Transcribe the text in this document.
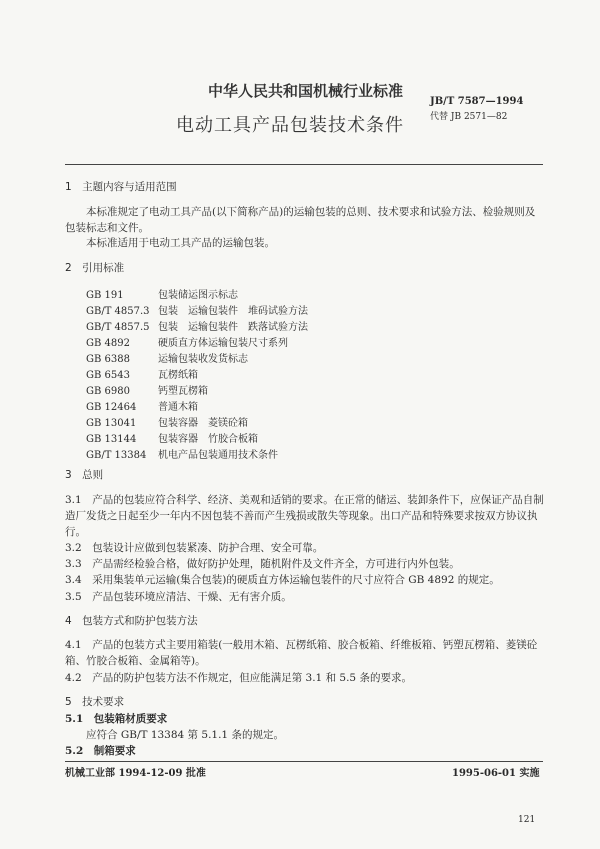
中华人民共和国机械行业标准
JB/T 7587—1994
代替 JB 2571—82
电动工具产品包装技术条件
1　主题内容与适用范围
本标准规定了电动工具产品(以下简称产品)的运输包装的总则、技术要求和试验方法、检验规则及
包装标志和文件。
本标准适用于电动工具产品的运输包装。
2　引用标准
GB 191	包装储运图示标志
GB/T 4857.3 包装　运输包装件　堆码试验方法
GB/T 4857.5 包装　运输包装件　跌落试验方法
GB 4892	硬质直方体运输包装尺寸系列
GB 6388	运输包装收发货标志
GB 6543	瓦楞纸箱
GB 6980	钙塑瓦楞箱
GB 12464 普通木箱
GB 13041 包装容器　菱镁砼箱
GB 13144 包装容器　竹胶合板箱
GB/T 13384 机电产品包装通用技术条件
3　总则
3.1　产品的包装应符合科学、经济、美观和适销的要求。在正常的储运、装卸条件下，应保证产品自制
造厂发货之日起至少一年内不因包装不善而产生残损或散失等现象。出口产品和特殊要求按双方协议执
行。
3.2　包装设计应做到包装紧凑、防护合理、安全可靠。
3.3　产品需经检验合格，做好防护处理，随机附件及文件齐全，方可进行内外包装。
3.4　采用集装单元运输(集合包装)的硬质直方体运输包装件的尺寸应符合 GB 4892 的规定。
3.5　产品包装环境应清洁、干燥、无有害介质。
4　包装方式和防护包装方法
4.1　产品的包装方式主要用箱装(一般用木箱、瓦楞纸箱、胶合板箱、纤维板箱、钙塑瓦楞箱、菱镁砼
箱、竹胶合板箱、金属箱等)。
4.2　产品的防护包装方法不作规定，但应能满足第 3.1 和 5.5 条的要求。
5　技术要求
5.1　包装箱材质要求
应符合 GB/T 13384 第 5.1.1 条的规定。
5.2　制箱要求
机械工业部 1994-12-09 批准	1995-06-01 实施
121
